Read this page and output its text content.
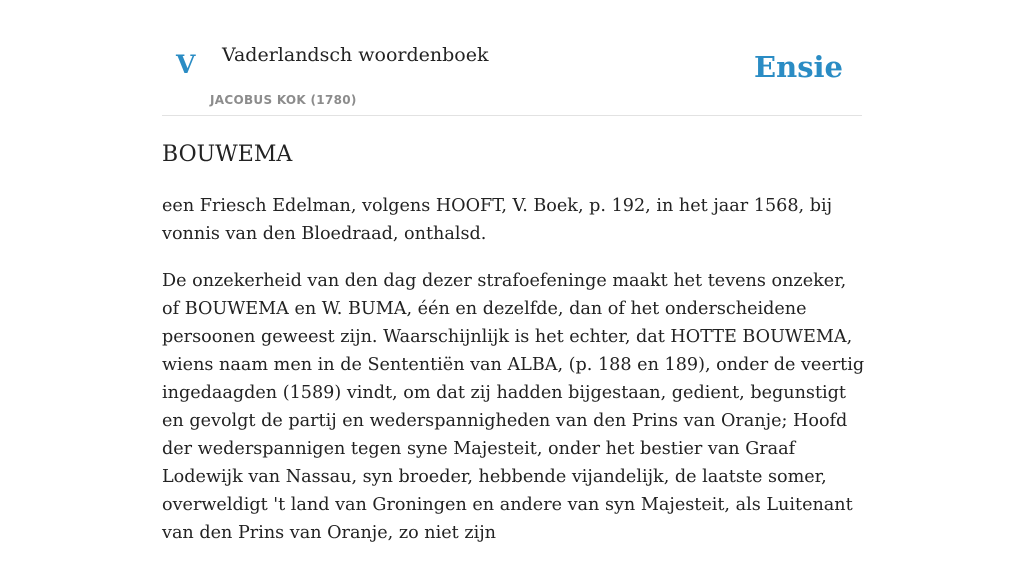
V Vaderlandsch woordenboek
JACOBUS KOK (1780)
Ensie
BOUWEMA

een Friesch Edelman, volgens HOOFT, V. Boek, p. 192, in het jaar 1568, bij vonnis van den Bloedraad, onthalsd.

De onzekerheid van den dag dezer strafoefeninge maakt het tevens onzeker, of BOUWEMA en W. BUMA, één en dezelfde, dan of het onderscheidene persoonen geweest zijn. Waarschijnlijk is het echter, dat HOTTE BOUWEMA, wiens naam men in de Sententiën van ALBA, (p. 188 en 189), onder de veertig ingedaagden (1589) vindt, om dat zij hadden bijgestaan, gedient, begunstigt en gevolgt de partij en wederspannigheden van den Prins van Oranje; Hoofd der wederspannigen tegen syne Majesteit, onder het bestier van Graaf Lodewijk van Nassau, syn broeder, hebbende vijandelijk, de laatste somer, overweldigt 't land van Groningen en andere van syn Majesteit, als Luitenant van den Prins van Oranje, zo niet zijn
